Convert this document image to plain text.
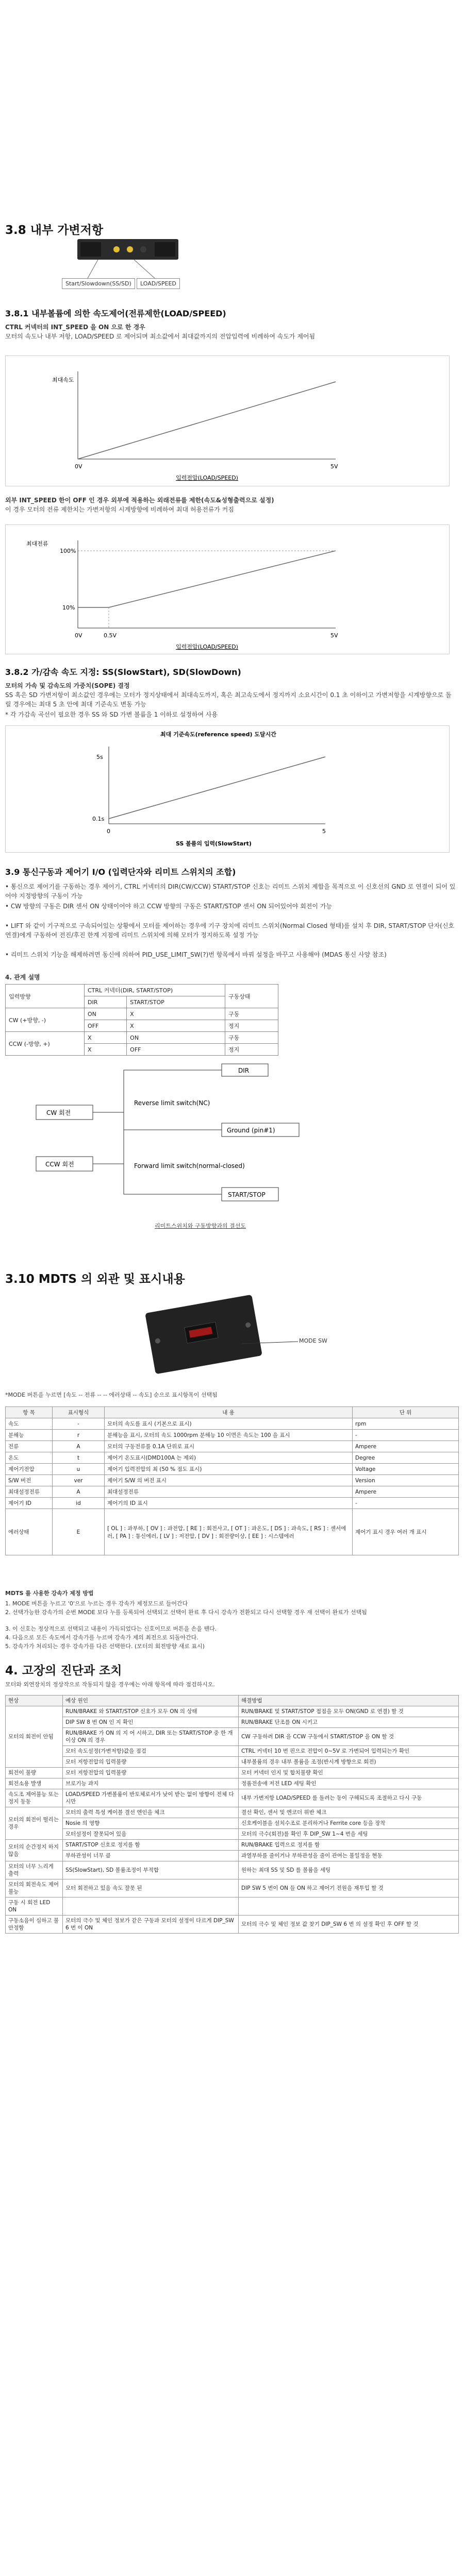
3.8 내부 가변저항
Start/Slowdown(SS/SD)	LOAD/SPEED
3.8.1 내부볼륨에 의한 속도제어(전류제한(LOAD/SPEED)
CTRL 커넥터의 INT_SPEED 을 ON 으로 한 경우
모터의 속도나 내부 저항, LOAD/SPEED 로 제어되며 최소값에서 최대값까지의 전압입력에 비례하여 속도가 제어됨
최대속도
0V	5V
입력전압(LOAD/SPEED)
외부 INT_SPEED 한이 OFF 인 경우 외부에 적용하는 외래전류를 제한(속도&성형출력으로 설정)
이 경우 모터의 전류 제한치는 가변저항의 시계방향에 비례하여 최대 허용전류가 커짐
최대전류
100%
10%
0V	0.5V	5V
입력전압(LOAD/SPEED)
3.8.2 가/감속 속도 지정: SS(SlowStart), SD(SlowDown)
모터의 가속 및 감속도의 가중치(SOPE) 결정
SS 혹은 SD 가변저항이 최소값인 경우에는 모터가 정지상태에서 최대속도까지, 혹은 최고속도에서 정지까지 소요시간이 0.1 초 이하이고 가변저항을 시계방향으로 돌릴 경우에는 최대 5 초 안에 최대 기준속도 변동 가능
* 각 가감속 곡선이 필요한 경우 SS 와 SD 가변 볼륨을 1 이하로 설정하여 사용
최대 기준속도(reference speed) 도달시간
5s
0.1s
0	5
SS 볼륨의 입력(SlowStart)
3.9 통신구동과 제어기 I/O (입력단자와 리미트 스위치의 조합)
• 통신으로 제어기를 구동하는 경우 제어기, CTRL 커넥터의 DIR(CW/CCW) START/STOP 신호는 리미트 스위치 제합을 목적으로 이 신호선의 GND 로 연결이 되어 있어야 지정방향의 구동이 가능
• CW 방향의 구동은 DIR 센서 ON 상태이어야 하고 CCW 방향의 구동은 START/STOP 센서 ON 되어있어야 회전이 가능
• LIFT 와 같이 기구적으로 구속되어있는 상황에서 모터를 제어하는 경우에 기구 장치에 리미트 스위치(Normal Closed 형태)를 설치 후 DIR, START/STOP 단자(신호 연결)에게 구동하여 전진/후진 한계 지점에 리미트 스위치에 의해 모터가 정지하도록 설정 가능
• 리미트 스위치 기능을 해제하려면 동신에 의하여 PID_USE_LIMIT_SW(?)번 항목에서 바꿔 설정을 바꾸고 사용해야 (MDAS 통신 사양 참조)
4. 관계 설명
입력방향	CTRL 커넥터(DIR, START/STOP)		구동상태
	DIR	START/STOP	
CW (+방향, -)	ON	X	구동
	OFF	X	정지
CCW (-방향, +)	X	ON	구동
	X	OFF	정지
DIR
CW 회전
CCW 회전
Reverse limit switch(NC)
Ground (pin#1)
Forward limit switch(normal-closed)
START/STOP
리미트스위치와 구동방향과의 결선도
3.10 MDTS 의 외관 및 표시내용
MODE SW
*MODE 버튼을 누르면 [속도 -- 전류 -- -- 에러상태 -- 속도] 순으로 표시항목이 선택됨
항 목	표시형식	내 용	단 위
속도	-	모터의 속도를 표시 (기본으로 표시)	rpm
분해능	r	분해능을 표시, 모터의 속도 1000rpm 분해능 10 이면은 속도는 100 을 표시	-
전류	A	모터의 구동전류를 0.1A 단위로 표시	Ampere
온도	t	제어기 온도표시(DMD100A 는 제외)	Degree
제어기전압	u	제어기 입력전압의 최 (50 % 점도 표시)	Voltage
S/W 버전	ver	제어기 S/W 의 버전 표시	Version
최대설정전류	A	최대설정전류	Ampere
제어기 ID	id	제어기의 ID 표시	-
에러상태	E	[ OL ] : 과부하, [ OV ] : 과전압, [ RE ] : 회전사고, [ OT ] : 과온도, [ DS ] : 과속도, [ RS ] : 센서에러, [ PA ] : 통신에러, [ LV ] : 저전압, [ DV ] : 회전량이상, [ EE ] : 시스템에러	제어기 표시 경우 여러 개 표시
MDTS 를 사용한 강속가 제정 방법
1. MODE 버튼을 누르고 '0'으로 누르는 경우 강속가 제정모드로 들어간다
2. 선택가능한 강속가의 순번 MODE 보다 누를 등록되어 선택되고 선택이 완료 후 다시 강속가 전환되고 다시 선택할 경우 재 선택이 완료가 선택됨
3. 이 신호는 정상적으로 선택되고 내용이 가득되었다는 신호이므로 버튼을 손을 뗀다.
4. 다음으로 모든 속도에서 강속가를 누르며 강속가 제의 최전으로 되돌아간다.
5. 강속가가 처리되는 경우 강속가를 다른 선택한다. (모터의 회전방향 새로 표시)
4. 고장의 진단과 조치
모터와 외연장치의 정상작으로 작동되지 않을 경우에는 아래 항목에 따라 점검하시오.
현상	예상 원인	해결방법
모터의 회전이 안됨	RUN/BRAKE 와 START/STOP 신호가 모두 ON 의 상태	RUN/BRAKE 및 START/STOP 접점을 모두 ON(GND 로 연결) 할 것
	DIP SW 8 번 ON 인 지 확인	RUN/BRAKE 단조를 ON 시키고
	RUN/BRAKE 가 ON 의 지 어 시하고, DIR 또는 START/STOP 중 한 개 이상 ON 의 경우	CW 구동하려 DIR 을 CCW 구동에서 START/STOP 을 ON 할 것
	모터 속도설정(가변저항)값을 점검	CTRL 커넥터 10 번 핀으로 전압이 0~5V 로 가변되어 입력되는가 확인
	모터 저항전압의 입력불량	내부볼륨의 경우 내부 볼륨을 조정(반시계 방향으로 회전)
회전이 불량	모터 저항전압의 입력불량	모터 커넥터 인지 및 합치불량 확인
회전소용 발생	브로기능 과지	정품전송애 저전 LED 세팅 확인
속도조 제어불능 또는 정지 동동	LOAD/SPEED 가변볼륨이 반토체로서가 낮이 받는 없이 방향이 전체 다시만	내부 가변저항 LOAD/SPEED 를 돌려는 동이 구해되도록 조절하고 다시 구동
모터의 회전이 떨리는 경우	모터의 출력 특성 케이블 결선 엔인을 체크	결선 확인, 센서 및 엔코더 위반 체크
	Nosie 의 영향	신호케이블을 설치수조로 분리하거나 Ferrite core 등을 장착
	모터설정이 잘못되어 있음	모터의 극수(회전)를 확인 후 DIP_SW 1~4 번을 세팅
모터의 순간정지 하지 않음	START/STOP 신호로 정지를 함	RUN/BRAKE 입력으로 정지를 함
	부하관성이 너무 큼	과열부하를 줄이거나 부하관성을 줄이 관여는 불일정을 현동
모터의 너무 느리게 출력	SS(SlowStart), SD 볼륨조정이 부적합	원하는 최대 SS 및 SD 를 볼륨을 세팅
모터의 회전속도 제어 불능	모터 회전하고 있음 속도 잘못 된	DIP SW 5 번이 ON 들 ON 하고 제어기 전원을 재투입 할 것
구동 시 회전 LED ON		
구동소음이 심하고 불안정함	모터의 극수 및 체인 정보가 같은 구동과 모터의 설정이 다르게 DIP_SW 6 번 이 ON	모터의 극수 및 체인 정보 값 찾기 DIP_SW 6 번 의 설정 확인 후 OFF 할 것
